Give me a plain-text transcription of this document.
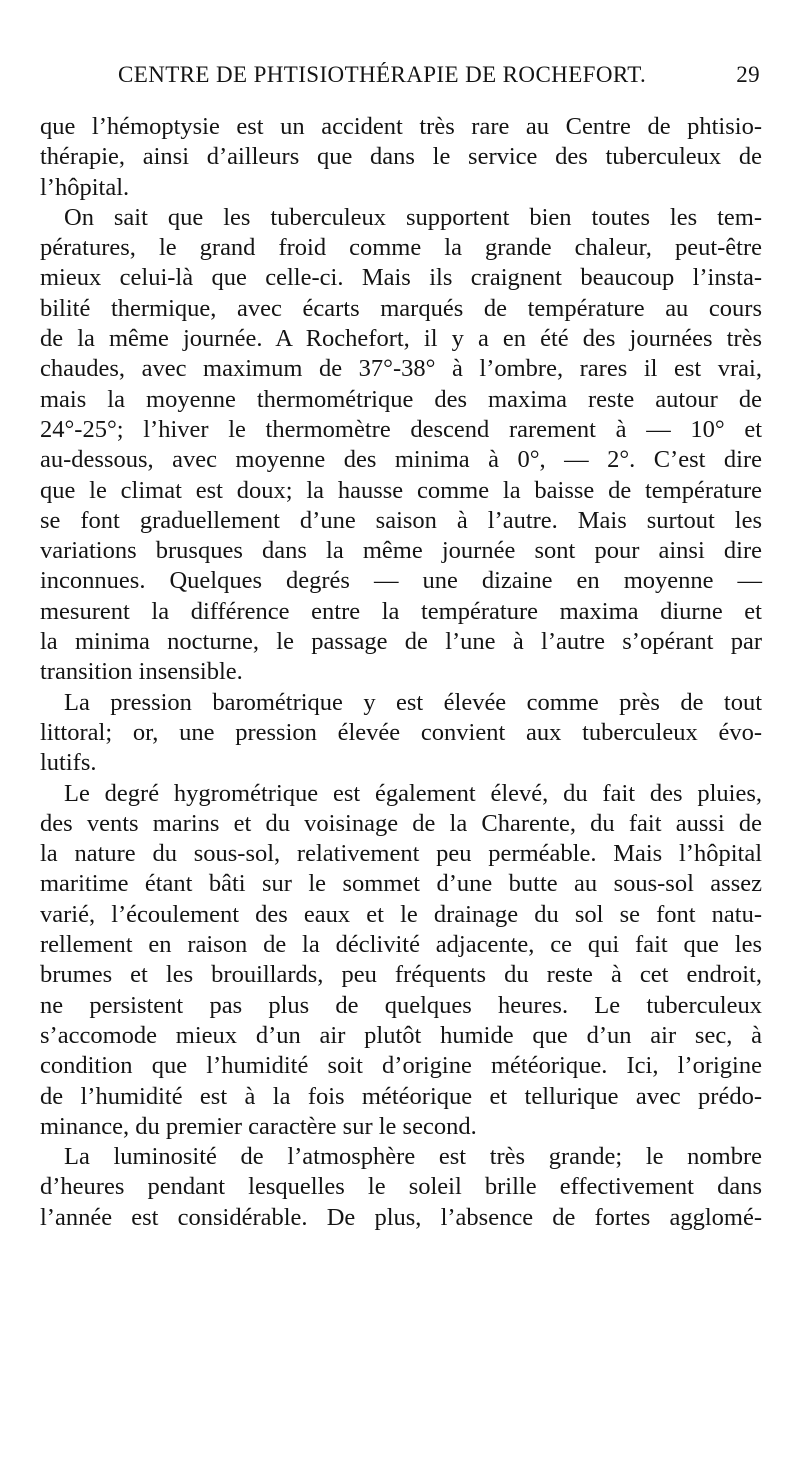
CENTRE DE PHTISIOTHÉRAPIE DE ROCHEFORT.	29
que l’hémoptysie est un accident très rare au Centre de phtisio-
thérapie, ainsi d’ailleurs que dans le service des tuberculeux de
l’hôpital.
On sait que les tuberculeux supportent bien toutes les tem-
pératures, le grand froid comme la grande chaleur, peut-être
mieux celui-là que celle-ci. Mais ils craignent beaucoup l’insta-
bilité thermique, avec écarts marqués de température au cours
de la même journée. A Rochefort, il y a en été des journées très
chaudes, avec maximum de 37°-38° à l’ombre, rares il est vrai,
mais la moyenne thermométrique des maxima reste autour de
24°-25°; l’hiver le thermomètre descend rarement à — 10° et
au-dessous, avec moyenne des minima à 0°, — 2°. C’est dire
que le climat est doux; la hausse comme la baisse de température
se font graduellement d’une saison à l’autre. Mais surtout les
variations brusques dans la même journée sont pour ainsi dire
inconnues. Quelques degrés — une dizaine en moyenne —
mesurent la différence entre la température maxima diurne et
la minima nocturne, le passage de l’une à l’autre s’opérant par
transition insensible.
La pression barométrique y est élevée comme près de tout
littoral; or, une pression élevée convient aux tuberculeux évo-
lutifs.
Le degré hygrométrique est également élevé, du fait des pluies,
des vents marins et du voisinage de la Charente, du fait aussi de
la nature du sous-sol, relativement peu perméable. Mais l’hôpital
maritime étant bâti sur le sommet d’une butte au sous-sol assez
varié, l’écoulement des eaux et le drainage du sol se font natu-
rellement en raison de la déclivité adjacente, ce qui fait que les
brumes et les brouillards, peu fréquents du reste à cet endroit,
ne persistent pas plus de quelques heures. Le tuberculeux
s’accomode mieux d’un air plutôt humide que d’un air sec, à
condition que l’humidité soit d’origine météorique. Ici, l’origine
de l’humidité est à la fois météorique et tellurique avec prédo-
minance, du premier caractère sur le second.
La luminosité de l’atmosphère est très grande; le nombre
d’heures pendant lesquelles le soleil brille effectivement dans
l’année est considérable. De plus, l’absence de fortes agglomé-
